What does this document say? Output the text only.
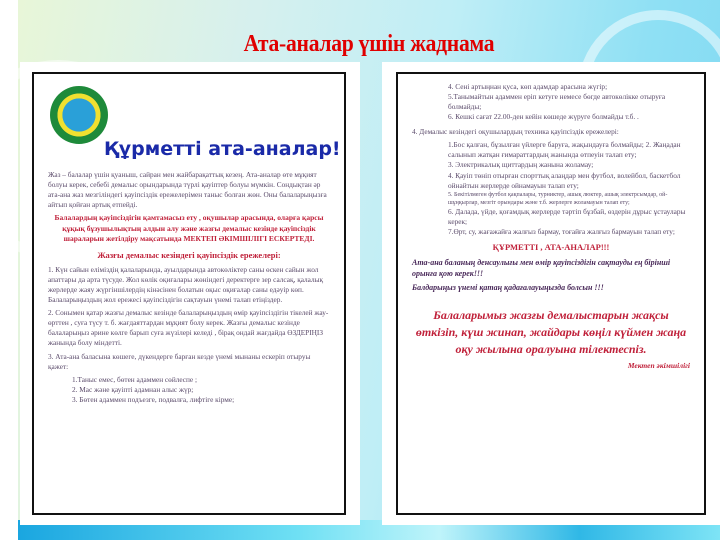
Ата-аналар үшін жаднама
Құрметті ата-аналар!

Жаз – балалар үшін қуаныш, сайран мен жайбарақаттық кезең. Ата-аналар өте мұқият болуы керек, себебі демалыс орындарында түрлі қауіптер болуы мүмкін. Сондықтан әр ата-ана жаз мезгіліндегі қауіпсіздік ережелерімен таныс болған жөн. Оны балаларыңызға айтып қойған артық етпейді.

Балалардың қауіпсіздігін қамтамасыз ету , оқушылар арасында, оларға қарсы құқық бұзушылықтың алдын алу және жазғы демалыс кезінде қауіпсіздік шараларын жетілдіру мақсатында МЕКТЕП ӘКІМШІЛІГІ ЕСКЕРТЕДІ.

Жазғы демалыс кезіндегі қауіпсіздік ережелері:

1. Күн сайын еліміздің қалаларында, ауылдарында автокөліктер саны өскен сайын жол апаттары да арта түсуде. Жол көлік оқиғалары жөніндегі деректерге зер салсақ, қалалық жерлерде жаяу жүргіншілердің кінәсінен болатын оқыс оқиғалар саны едәуір көп. Балаларыңыздың жол ережесі қауіпсіздігін сақтауын үнемі талап етіңіздер.

2. Сонымен қатар жазғы демалыс кезінде балаларыңыздың өмір қауіпсіздігін тікелей жау- өрттен , суға түсу т. б. жағдаяттардан мұқият болу керек. Жазғы демалыс кезінде балаларыңыз әрине көлге барып суға жүзілері келеді , бірақ ондай жағдайда ӨЗДЕРІҢІЗ жанында болу міндетті.

3. Ата-ана баласына көшеге, дүкендерге барған кезде үнемі мынаны ескеріп отыруы қажет:

1.Таныс емес, бөтен адаммен сөйлеспе ;
2. Мас және қауіпті адамнан алыс жүр;
3. Бөтен адаммен подъезге, подвалға, лифтіге кірме;
4. Сені артыңнан қуса, көп адамдар арасына жүгір;
5.Танымайтын адаммен еріп кетуге немесе бөгде автокөлікке отыруға болмайды;
6. Кешкі сағат 22.00-ден кейін көшеде жүруге болмайды т.б. .

4. Демалыс кезіндегі оқушылардың техника қауіпсіздік ережелері:

1.Бос қалған, бұзылған үйлерге баруға, жақындауға болмайды; 2. Жаңадан салынып жатқан ғимараттардың жанында өтпеуін талап ету;
3. Электрикалық щиттардың жанына жоламау;
4. Қауіп төніп отырған спорттық алаңдар мен футбол, волейбол, баскетбол ойнайтын жерлерде ойнамауын талап ету;
5. Бекітілмеген футбол қақпалары, турниктер, ашық люктер, ашық электрсымдар, ой-шұңқырлар, мезгіт орындары және т.б. жерлерге жоламауын талап ету;
6. Далада, үйде, қоғамдық жерлерде тәртіп бұзбай, өздерін дұрыс ұстаулары керек;
7.Өрт, су, жағажайға жалғыз бармау, тоғайға жалғыз бармауын талап ету;

ҚҰРМЕТТІ , АТА-АНАЛАР!!!

Ата-ана баланың денсаулығы мен өмір қауіпсіздігін сақтауды ең бірінші орынға қою керек!!!

Балдарыңыз үнемі қатаң қадағалауыңызда болсын !!!

Балаларымыз жазғы демалыстарын жақсы өткізіп, күш жинап, жайдары көңіл күймен жаңа оқу жылына оралуына тілектеспіз.

Мектеп әкімшілігі
